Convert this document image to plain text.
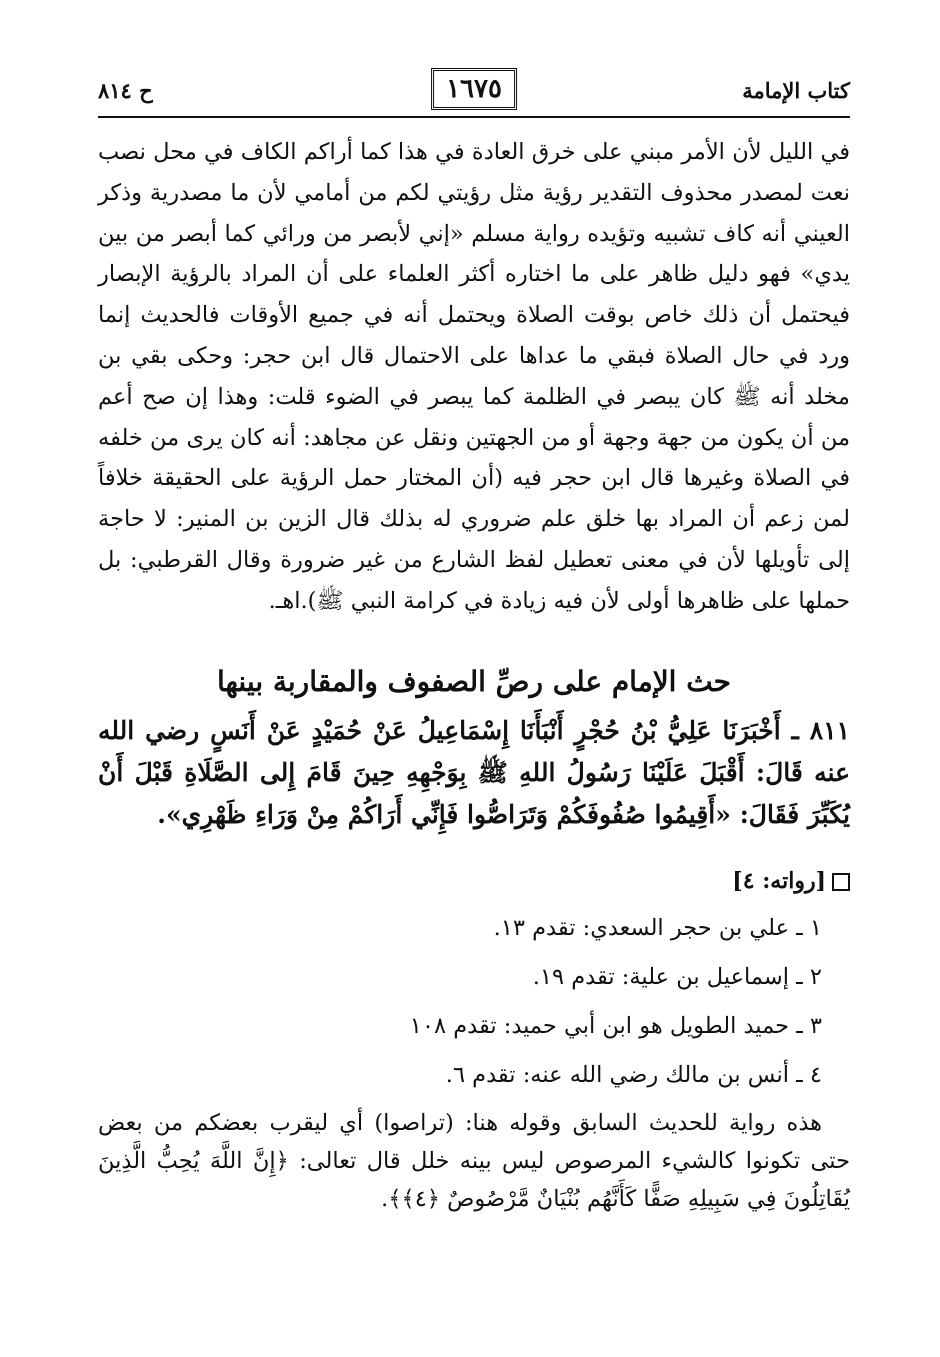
كتاب الإمامة
١٦٧٥
ح ٨١٤

في الليل لأن الأمر مبني على خرق العادة في هذا كما أراكم الكاف في محل نصب نعت لمصدر محذوف التقدير رؤية مثل رؤيتي لكم من أمامي لأن ما مصدرية وذكر العيني أنه كاف تشبيه وتؤيده رواية مسلم «إني لأبصر من ورائي كما أبصر من بين يدي» فهو دليل ظاهر على ما اختاره أكثر العلماء على أن المراد بالرؤية الإبصار فيحتمل أن ذلك خاص بوقت الصلاة ويحتمل أنه في جميع الأوقات فالحديث إنما ورد في حال الصلاة فبقي ما عداها على الاحتمال قال ابن حجر: وحكى بقي بن مخلد أنه ﷺ كان يبصر في الظلمة كما يبصر في الضوء قلت: وهذا إن صح أعم من أن يكون من جهة وجهة أو من الجهتين ونقل عن مجاهد: أنه كان يرى من خلفه في الصلاة وغيرها قال ابن حجر فيه (أن المختار حمل الرؤية على الحقيقة خلافاً لمن زعم أن المراد بها خلق علم ضروري له بذلك قال الزين بن المنير: لا حاجة إلى تأويلها لأن في معنى تعطيل لفظ الشارع من غير ضرورة وقال القرطبي: بل حملها على ظاهرها أولى لأن فيه زيادة في كرامة النبي ﷺ).اهـ.

حث الإمام على رصِّ الصفوف والمقاربة بينها
٨١١ ـ أَخْبَرَنَا عَلِيُّ بْنُ حُجْرٍ أَنْبَأَنَا إِسْمَاعِيلُ عَنْ حُمَيْدٍ عَنْ أَنَسٍ رضي الله عنه قَالَ: أَقْبَلَ عَلَيْنَا رَسُولُ اللهِ ﷺ بِوَجْهِهِ حِينَ قَامَ إِلى الصَّلَاةِ قَبْلَ أَنْ يُكَبِّرَ فَقَالَ: «أَقِيمُوا صُفُوفَكُمْ وَتَرَاصُّوا فَإِنِّي أَرَاكُمْ مِنْ وَرَاءِ ظَهْرِي».
[رواته: ٤]
١ ـ علي بن حجر السعدي: تقدم ١٣.
٢ ـ إسماعيل بن علية: تقدم ١٩.
٣ ـ حميد الطويل هو ابن أبي حميد: تقدم ١٠٨
٤ ـ أنس بن مالك رضي الله عنه: تقدم ٦.

هذه رواية للحديث السابق وقوله هنا: (تراصوا) أي ليقرب بعضكم من بعض حتى تكونوا كالشيء المرصوص ليس بينه خلل قال تعالى: ﴿إِنَّ اللَّهَ يُحِبُّ الَّذِينَ يُقَاتِلُونَ فِي سَبِيلِهِ صَفًّا كَأَنَّهُم بُنْيَانٌ مَّرْصُوصٌ ﴿٤﴾﴾.
